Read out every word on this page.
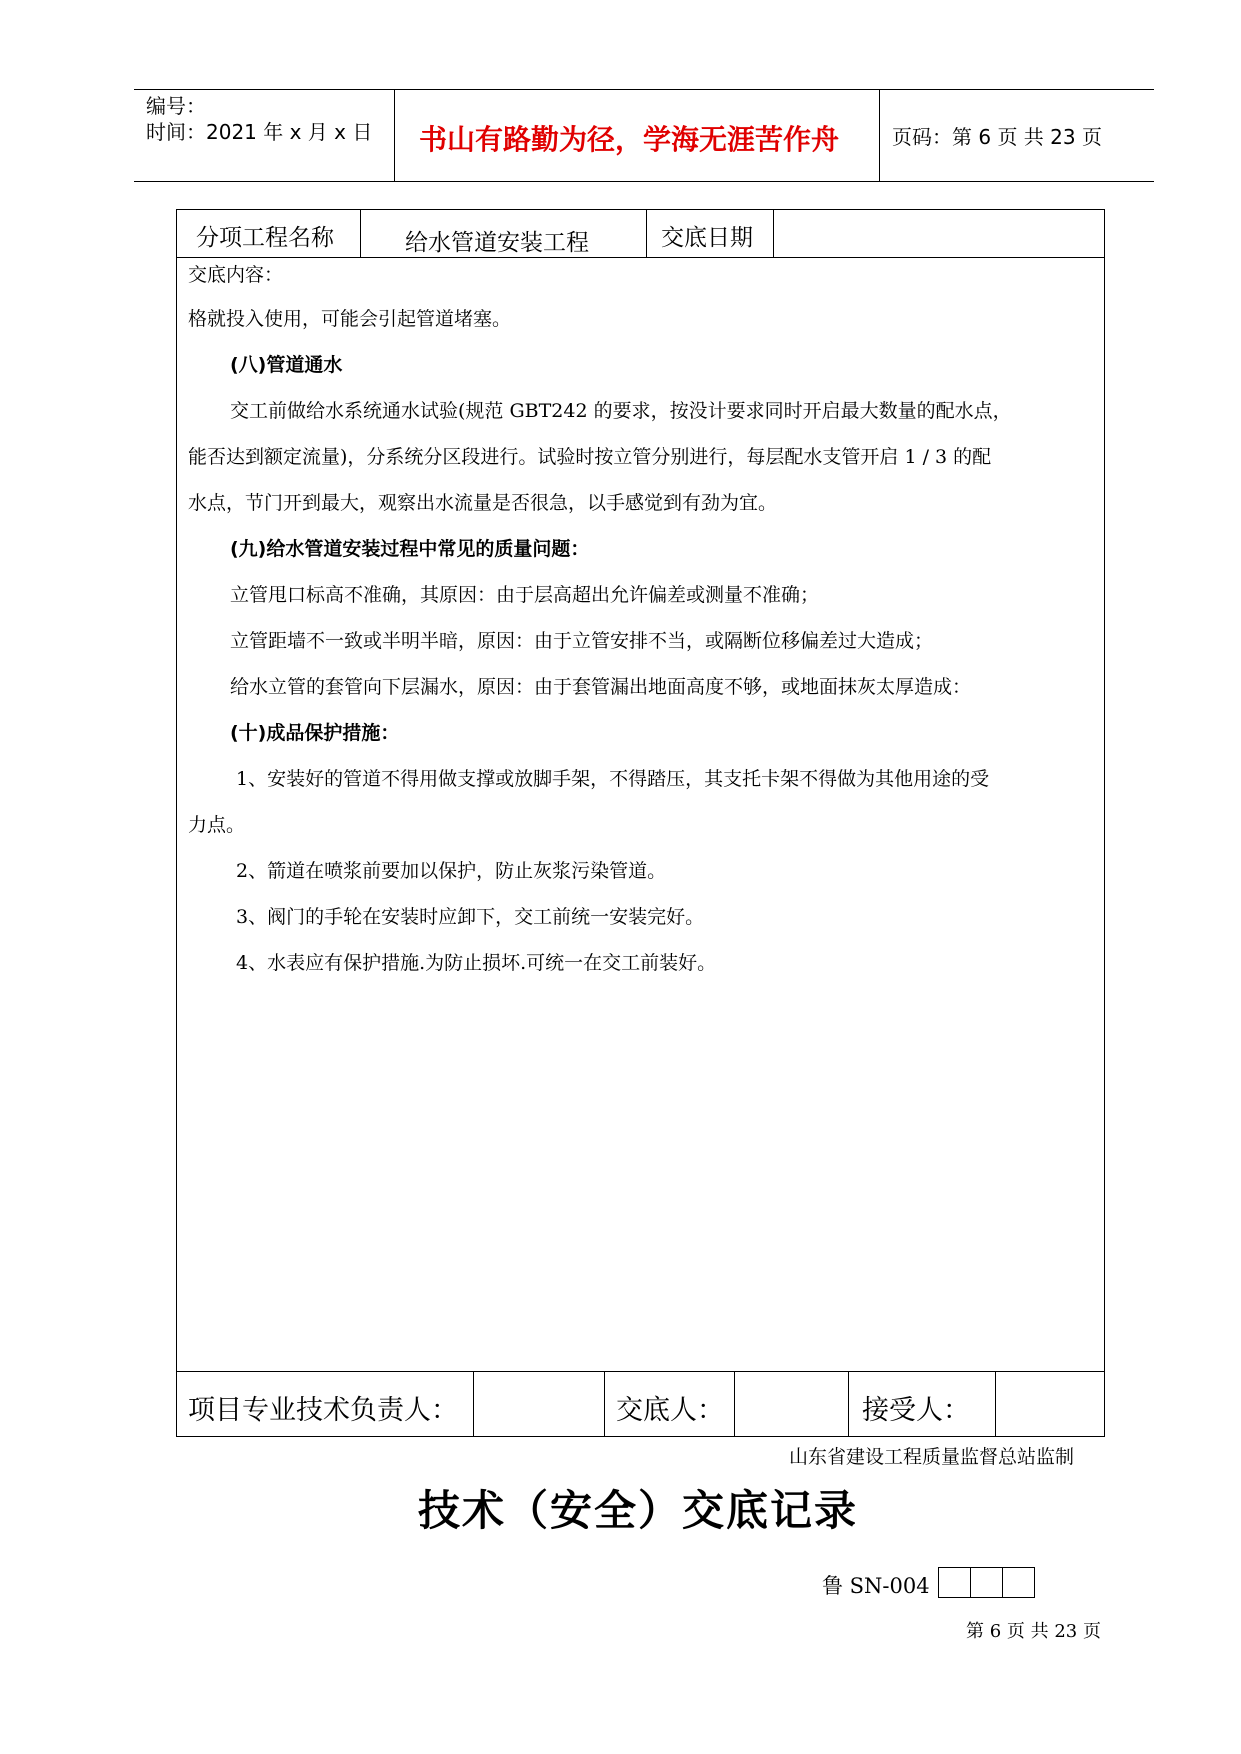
编号：
时间：2021 年 x 月 x 日 书山有路勤为径，学海无涯苦作舟	页码：第 6 页 共 23 页
分项工程名称	给水管道安装工程	交底日期
交底内容：

格就投入使用，可能会引起管道堵塞。

(八)管道通水

交工前做给水系统通水试验(规范 GBT242 的要求，按没计要求同时开启最大数量的配水点，

能否达到额定流量)，分系统分区段进行。试验时按立管分别进行，每层配水支管开启 1 / 3 的配

水点，节门开到最大，观察出水流量是否很急，以手感觉到有劲为宜。

(九)给水管道安装过程中常见的质量问题：

立管甩口标高不准确，其原因：由于层高超出允许偏差或测量不准确；

立管距墙不一致或半明半暗，原因：由于立管安排不当，或隔断位移偏差过大造成；

给水立管的套管向下层漏水，原因：由于套管漏出地面高度不够，或地面抹灰太厚造成：

(十)成品保护措施：

1、安装好的管道不得用做支撑或放脚手架，不得踏压，其支托卡架不得做为其他用途的受

力点。

2、箭道在喷浆前要加以保护，防止灰浆污染管道。

3、阀门的手轮在安装时应卸下，交工前统一安装完好。

4、水表应有保护措施.为防止损坏.可统一在交工前装好。

项目专业技术负责人：	交底人：	接受人：
山东省建设工程质量监督总站监制
技术（安全）交底记录
鲁 SN-004
第 6 页 共 23 页
